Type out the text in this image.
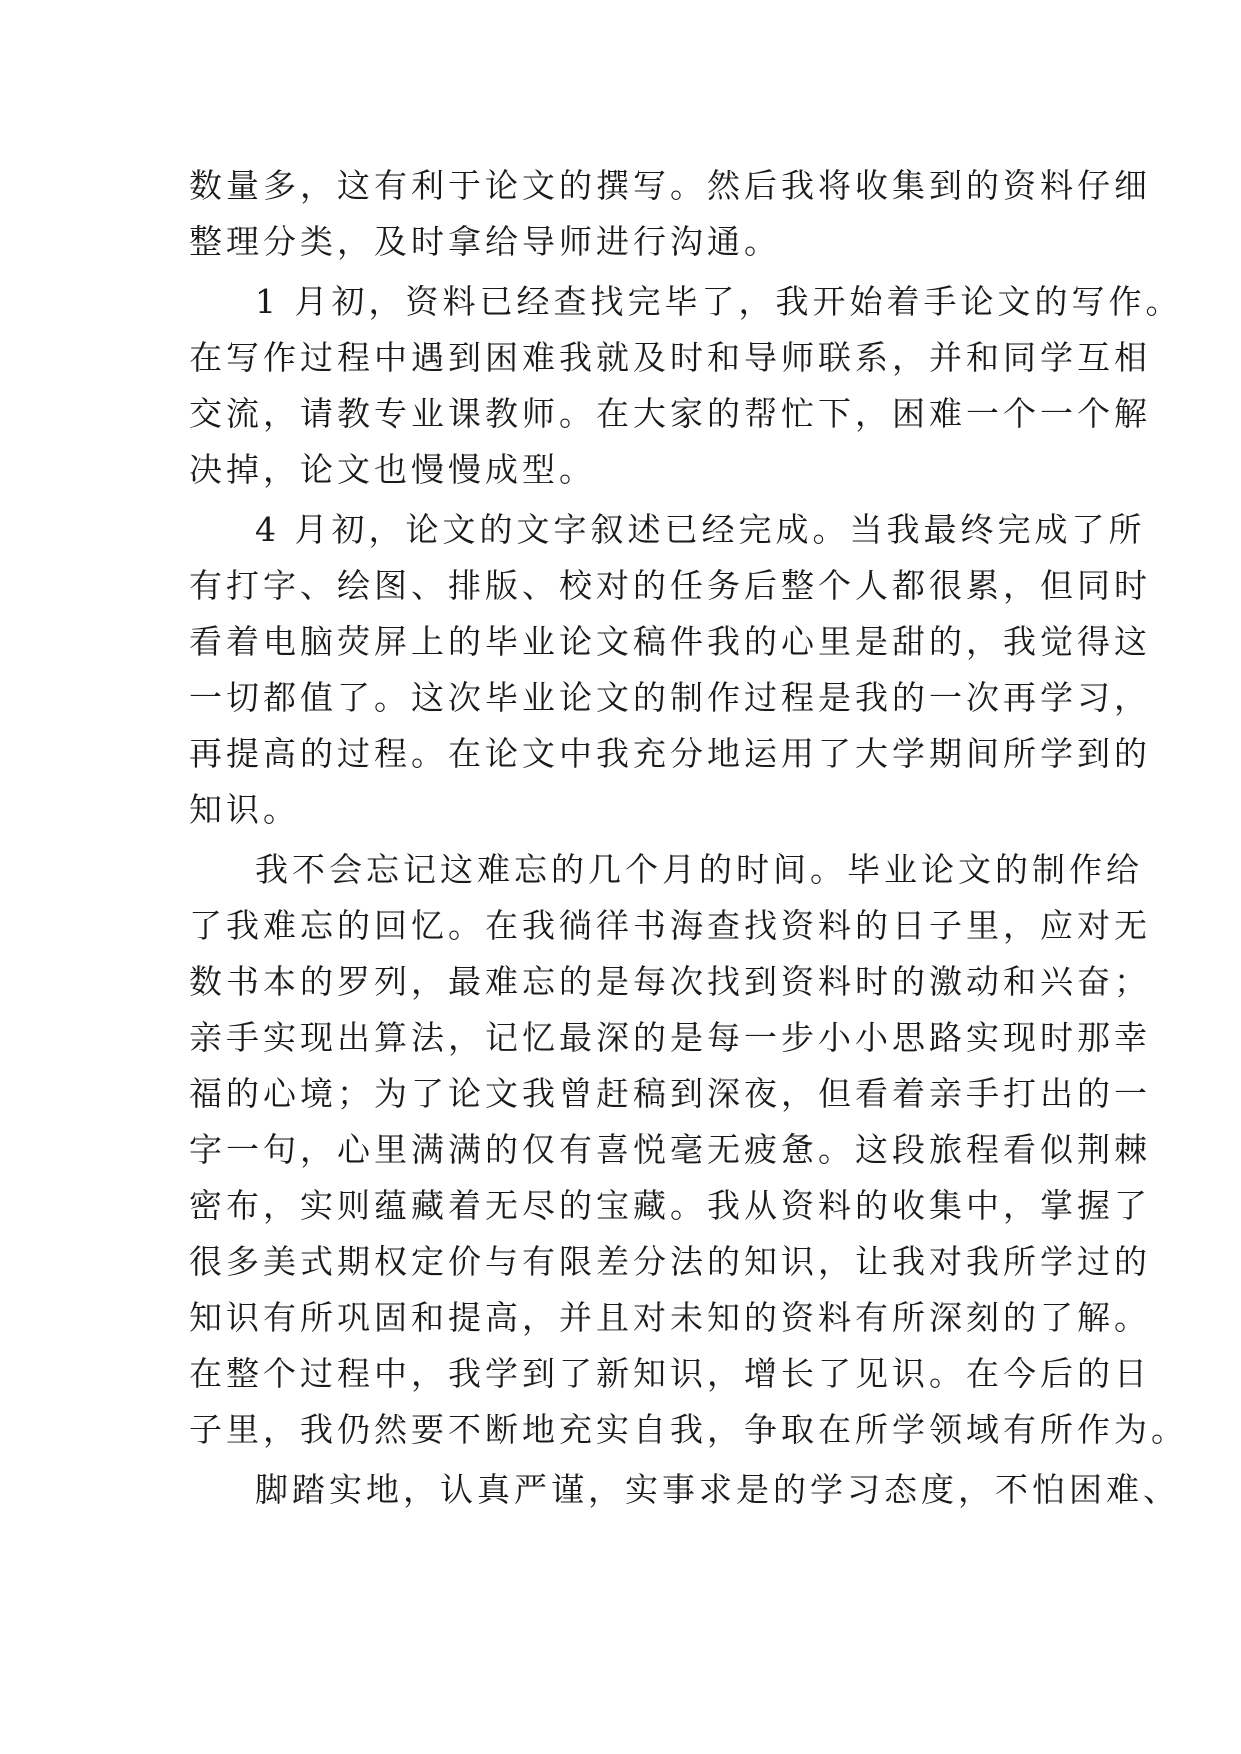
数量多，这有利于论文的撰写。然后我将收集到的资料仔细

整理分类，及时拿给导师进行沟通。

1 月初，资料已经查找完毕了，我开始着手论文的写作。

在写作过程中遇到困难我就及时和导师联系，并和同学互相

交流，请教专业课教师。在大家的帮忙下，困难一个一个解

决掉，论文也慢慢成型。

4 月初，论文的文字叙述已经完成。当我最终完成了所

有打字、绘图、排版、校对的任务后整个人都很累，但同时

看着电脑荧屏上的毕业论文稿件我的心里是甜的，我觉得这

一切都值了。这次毕业论文的制作过程是我的一次再学习，

再提高的过程。在论文中我充分地运用了大学期间所学到的

知识。

我不会忘记这难忘的几个月的时间。毕业论文的制作给

了我难忘的回忆。在我徜徉书海查找资料的日子里，应对无

数书本的罗列，最难忘的是每次找到资料时的激动和兴奋；

亲手实现出算法，记忆最深的是每一步小小思路实现时那幸

福的心境；为了论文我曾赶稿到深夜，但看着亲手打出的一

字一句，心里满满的仅有喜悦毫无疲惫。这段旅程看似荆棘

密布，实则蕴藏着无尽的宝藏。我从资料的收集中，掌握了

很多美式期权定价与有限差分法的知识，让我对我所学过的

知识有所巩固和提高，并且对未知的资料有所深刻的了解。

在整个过程中，我学到了新知识，增长了见识。在今后的日

子里，我仍然要不断地充实自我，争取在所学领域有所作为。

脚踏实地，认真严谨，实事求是的学习态度，不怕困难、
